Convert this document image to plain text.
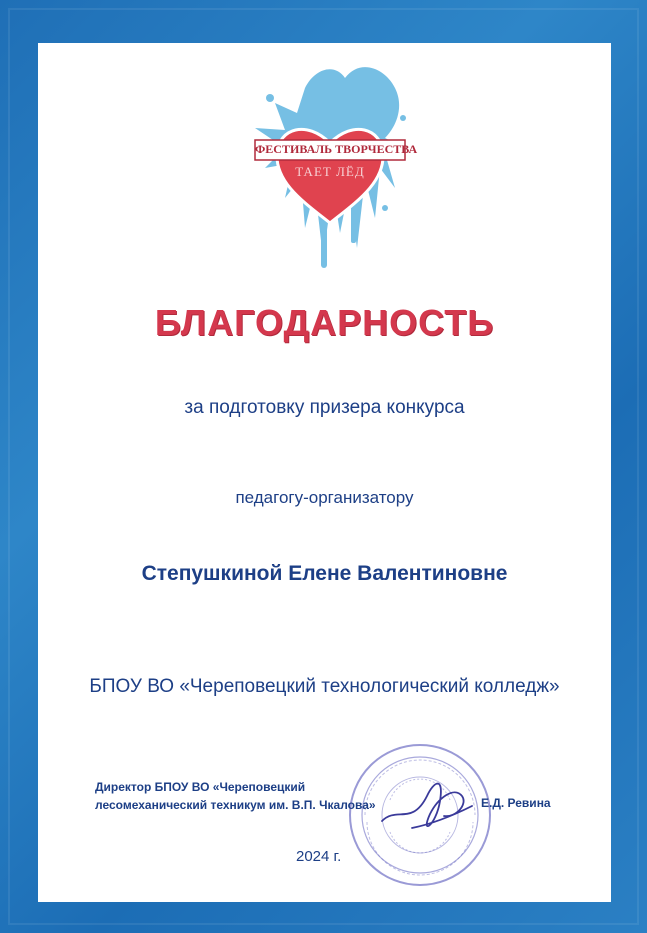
ФЕСТИВАЛЬ ТВОРЧЕСТВА
ТАЕТ ЛЁД
БЛАГОДАРНОСТЬ
за подготовку призера конкурса
педагогу-организатору
Степушкиной Елене Валентиновне
БПОУ ВО «Череповецкий технологический колледж»
Директор БПОУ ВО «Череповецкий
лесомеханический техникум им. В.П. Чкалова»	Е.Д. Ревина
2024 г.
